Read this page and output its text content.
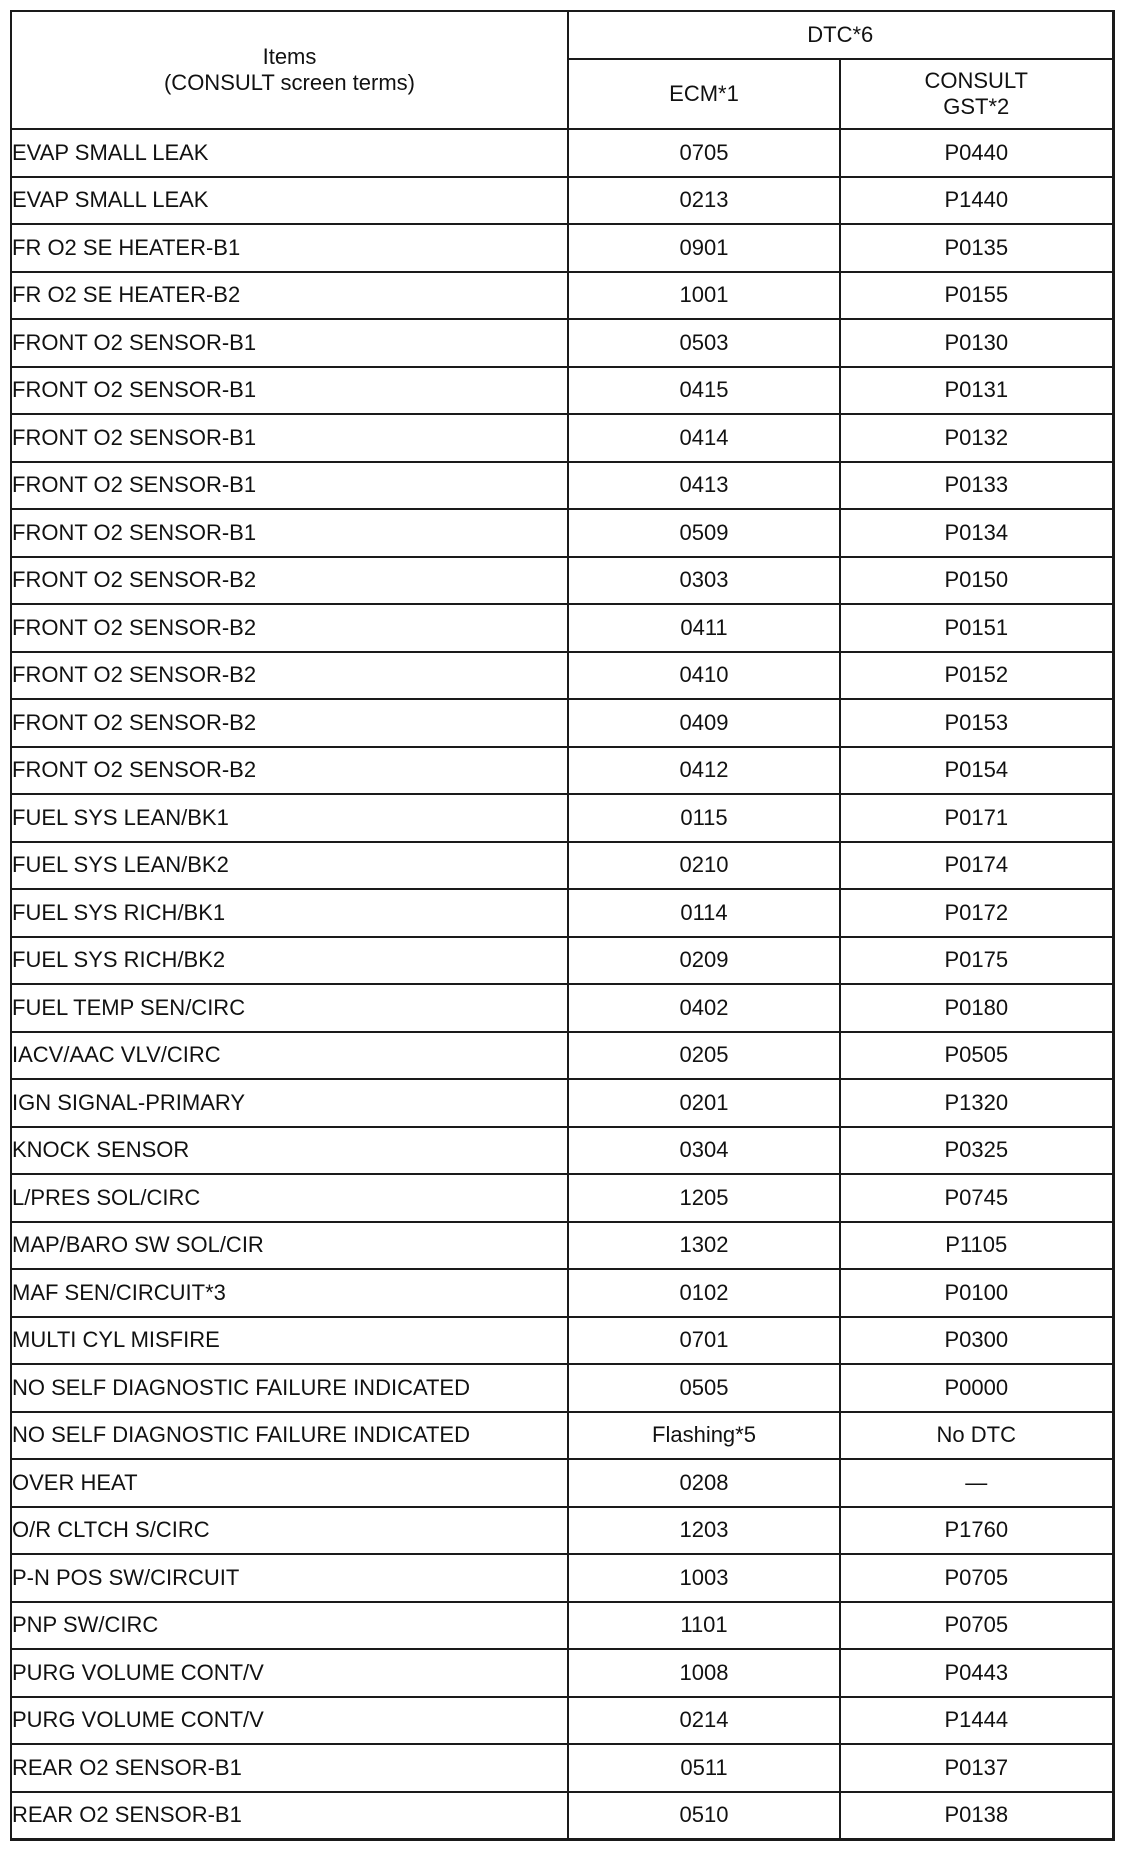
Items
(CONSULT screen terms)	DTC*6	
	ECM*1	CONSULT
GST*2

EVAP SMALL LEAK	0705	P0440
EVAP SMALL LEAK	0213	P1440
FR O2 SE HEATER-B1	0901	P0135
FR O2 SE HEATER-B2	1001	P0155
FRONT O2 SENSOR-B1	0503	P0130
FRONT O2 SENSOR-B1	0415	P0131
FRONT O2 SENSOR-B1	0414	P0132
FRONT O2 SENSOR-B1	0413	P0133
FRONT O2 SENSOR-B1	0509	P0134
FRONT O2 SENSOR-B2	0303	P0150
FRONT O2 SENSOR-B2	0411	P0151
FRONT O2 SENSOR-B2	0410	P0152
FRONT O2 SENSOR-B2	0409	P0153
FRONT O2 SENSOR-B2	0412	P0154
FUEL SYS LEAN/BK1	0115	P0171
FUEL SYS LEAN/BK2	0210	P0174
FUEL SYS RICH/BK1	0114	P0172
FUEL SYS RICH/BK2	0209	P0175
FUEL TEMP SEN/CIRC	0402	P0180
IACV/AAC VLV/CIRC	0205	P0505
IGN SIGNAL-PRIMARY	0201	P1320
KNOCK SENSOR	0304	P0325
L/PRES SOL/CIRC	1205	P0745
MAP/BARO SW SOL/CIR	1302	P1105
MAF SEN/CIRCUIT*3	0102	P0100
MULTI CYL MISFIRE	0701	P0300
NO SELF DIAGNOSTIC FAILURE INDICATED	0505	P0000
NO SELF DIAGNOSTIC FAILURE INDICATED	Flashing*5	No DTC
OVER HEAT	0208	—
O/R CLTCH S/CIRC	1203	P1760
P-N POS SW/CIRCUIT	1003	P0705
PNP SW/CIRC	1101	P0705
PURG VOLUME CONT/V	1008	P0443
PURG VOLUME CONT/V	0214	P1444
REAR O2 SENSOR-B1	0511	P0137
REAR O2 SENSOR-B1	0510	P0138
